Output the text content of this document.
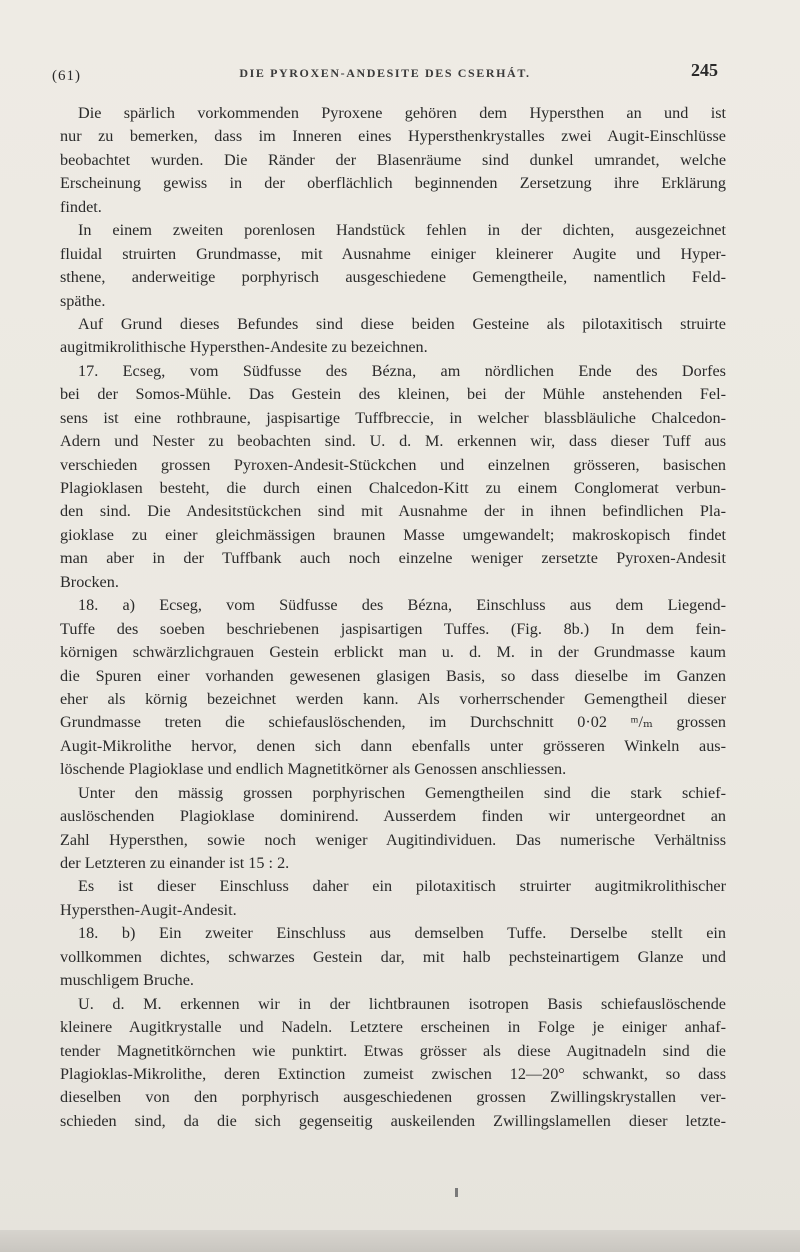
(61)	DIE PYROXEN-ANDESITE DES CSERHÁT.	245
Die spärlich vorkommenden Pyroxene gehören dem Hypersthen an und ist
nur zu bemerken, dass im Inneren eines Hypersthenkrystalles zwei Augit-Einschlüsse
beobachtet wurden. Die Ränder der Blasenräume sind dunkel umrandet, welche
Erscheinung gewiss in der oberflächlich beginnenden Zersetzung ihre Erklärung
findet.
In einem zweiten porenlosen Handstück fehlen in der dichten, ausgezeichnet
fluidal struirten Grundmasse, mit Ausnahme einiger kleinerer Augite und Hyper-
sthene, anderweitige porphyrisch ausgeschiedene Gemengtheile, namentlich Feld-
späthe.
Auf Grund dieses Befundes sind diese beiden Gesteine als pilotaxitisch struirte
augitmikrolithische Hypersthen-Andesite zu bezeichnen.
17. Ecseg, vom Südfusse des Bézna, am nördlichen Ende des Dorfes
bei der Somos-Mühle. Das Gestein des kleinen, bei der Mühle anstehenden Fel-
sens ist eine rothbraune, jaspisartige Tuffbreccie, in welcher blassbläuliche Chalcedon-
Adern und Nester zu beobachten sind. U. d. M. erkennen wir, dass dieser Tuff aus
verschieden grossen Pyroxen-Andesit-Stückchen und einzelnen grösseren, basischen
Plagioklasen besteht, die durch einen Chalcedon-Kitt zu einem Conglomerat verbun-
den sind. Die Andesitstückchen sind mit Ausnahme der in ihnen befindlichen Pla-
gioklase zu einer gleichmässigen braunen Masse umgewandelt; makroskopisch findet
man aber in der Tuffbank auch noch einzelne weniger zersetzte Pyroxen-Andesit
Brocken.
18. a) Ecseg, vom Südfusse des Bézna, Einschluss aus dem Liegend-
Tuffe des soeben beschriebenen jaspisartigen Tuffes. (Fig. 8b.) In dem fein-
körnigen schwärzlichgrauen Gestein erblickt man u. d. M. in der Grundmasse kaum
die Spuren einer vorhanden gewesenen glasigen Basis, so dass dieselbe im Ganzen
eher als körnig bezeichnet werden kann. Als vorherrschender Gemengtheil dieser
Grundmasse treten die schiefauslöschenden, im Durchschnitt 0·02 ᵐ/ₘ grossen
Augit-Mikrolithe hervor, denen sich dann ebenfalls unter grösseren Winkeln aus-
löschende Plagioklase und endlich Magnetitkörner als Genossen anschliessen.
Unter den mässig grossen porphyrischen Gemengtheilen sind die stark schief-
auslöschenden Plagioklase dominirend. Ausserdem finden wir untergeordnet an
Zahl Hypersthen, sowie noch weniger Augitindividuen. Das numerische Verhältniss
der Letzteren zu einander ist 15 : 2.
Es ist dieser Einschluss daher ein pilotaxitisch struirter augitmikrolithischer
Hypersthen-Augit-Andesit.
18. b) Ein zweiter Einschluss aus demselben Tuffe. Derselbe stellt ein
vollkommen dichtes, schwarzes Gestein dar, mit halb pechsteinartigem Glanze und
muschligem Bruche.
U. d. M. erkennen wir in der lichtbraunen isotropen Basis schiefauslöschende
kleinere Augitkrystalle und Nadeln. Letztere erscheinen in Folge je einiger anhaf-
tender Magnetitkörnchen wie punktirt. Etwas grösser als diese Augitnadeln sind die
Plagioklas-Mikrolithe, deren Extinction zumeist zwischen 12—20° schwankt, so dass
dieselben von den porphyrisch ausgeschiedenen grossen Zwillingskrystallen ver-
schieden sind, da die sich gegenseitig auskeilenden Zwillingslamellen dieser letzte-
